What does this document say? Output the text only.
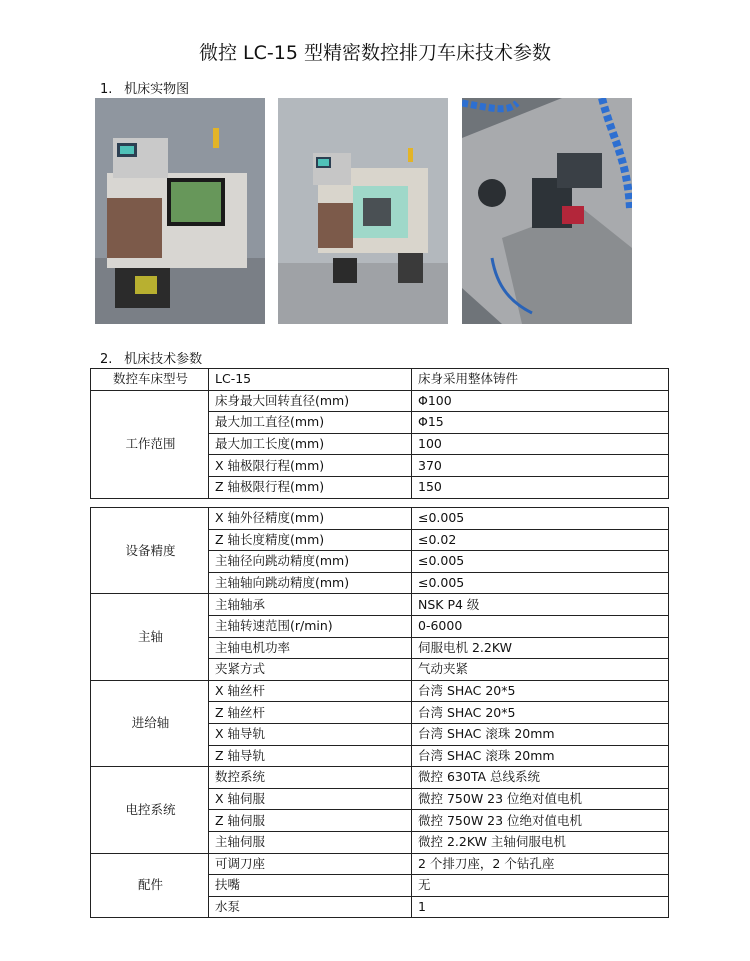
微控 LC-15 型精密数控排刀车床技术参数
1. 机床实物图
2. 机床技术参数
数控车床型号	LC-15	床身采用整体铸件
工作范围	床身最大回转直径(mm)	Φ100
	最大加工直径(mm)	Φ15
	最大加工长度(mm)	100
	X 轴极限行程(mm)	370
	Z 轴极限行程(mm)	150
设备精度	X 轴外径精度(mm)	≤0.005
	Z 轴长度精度(mm)	≤0.02
	主轴径向跳动精度(mm)	≤0.005
	主轴轴向跳动精度(mm)	≤0.005
主轴	主轴轴承	NSK P4 级
	主轴转速范围(r/min)	0-6000
	主轴电机功率	伺服电机 2.2KW
	夹紧方式	气动夹紧
进给轴	X 轴丝杆	台湾 SHAC 20*5
	Z 轴丝杆	台湾 SHAC 20*5
	X 轴导轨	台湾 SHAC 滚珠 20mm
	Z 轴导轨	台湾 SHAC 滚珠 20mm
电控系统	数控系统	微控 630TA 总线系统
	X 轴伺服	微控 750W 23 位绝对值电机
	Z 轴伺服	微控 750W 23 位绝对值电机
	主轴伺服	微控 2.2KW 主轴伺服电机
配件	可调刀座	2 个排刀座，2 个钻孔座
	扶嘴	无
	水泵	1
